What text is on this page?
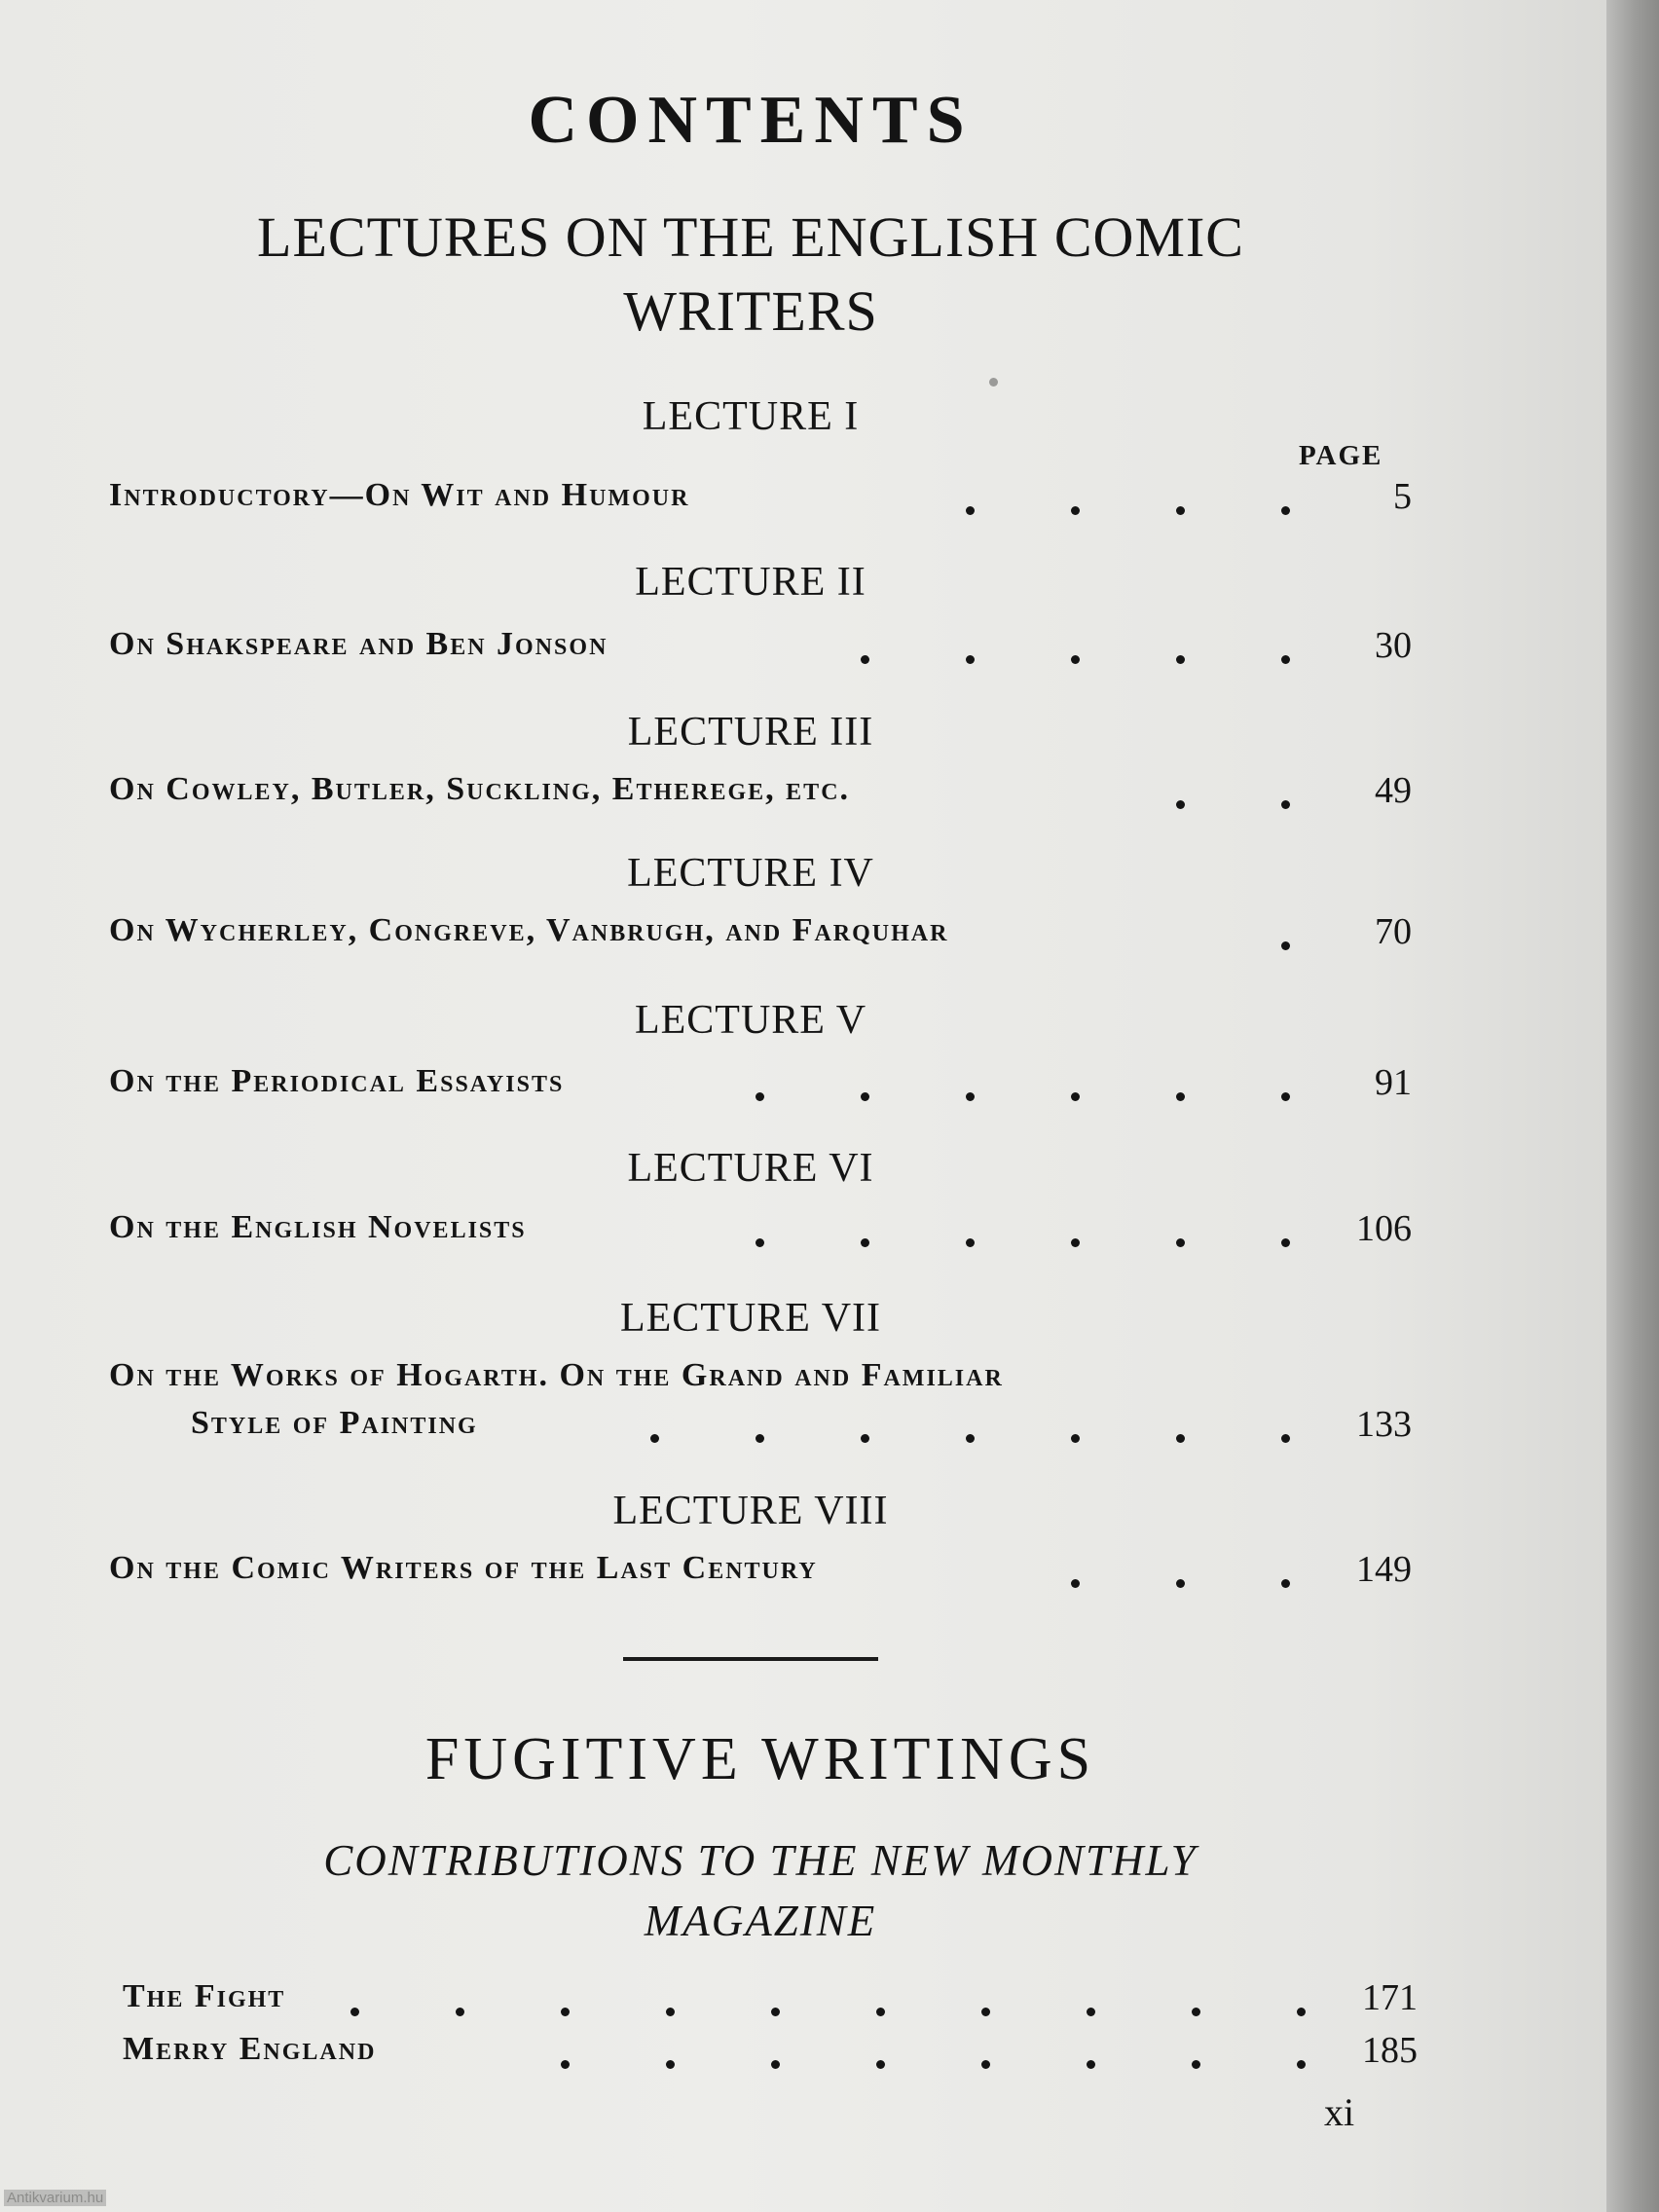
CONTENTS
LECTURES ON THE ENGLISH COMIC
WRITERS
PAGE
LECTURE I
Introductory—On Wit and Humour	5
LECTURE II
On Shakspeare and Ben Jonson	30
LECTURE III
On Cowley, Butler, Suckling, Etherege, etc.	49
LECTURE IV
On Wycherley, Congreve, Vanbrugh, and Farquhar	70
LECTURE V
On the Periodical Essayists	91
LECTURE VI
On the English Novelists	106
LECTURE VII
On the Works of Hogarth. On the Grand and Familiar
Style of Painting	133
LECTURE VIII
On the Comic Writers of the Last Century	149
FUGITIVE WRITINGS
CONTRIBUTIONS TO THE NEW MONTHLY
MAGAZINE
The Fight	171
Merry England	185
xi
Antikvarium.hu
